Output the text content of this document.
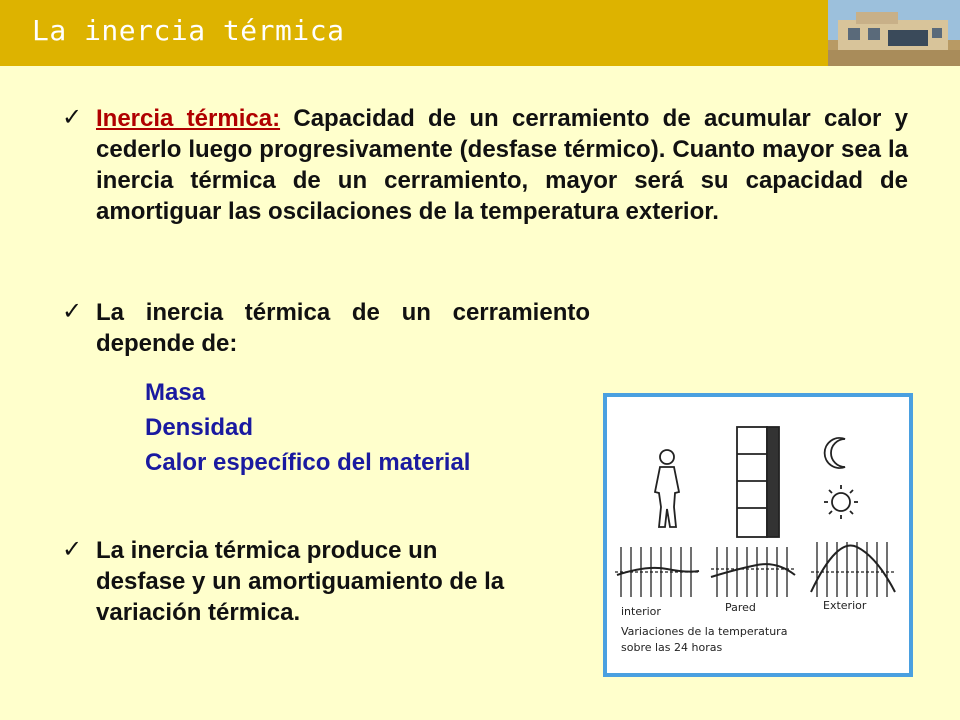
La inercia térmica
✓ Inercia térmica: Capacidad de un cerramiento de acumular calor y cederlo luego progresivamente (desfase térmico). Cuanto mayor sea la inercia térmica de un cerramiento, mayor será su capacidad de amortiguar las oscilaciones de la temperatura exterior.
✓ La inercia térmica de un cerramiento depende de:
Masa
Densidad
Calor específico del material
✓ La inercia térmica produce un desfase y un amortiguamiento de la variación térmica.	interior	Pared	Exterior
Variaciones de la temperatura
sobre las 24 horas
